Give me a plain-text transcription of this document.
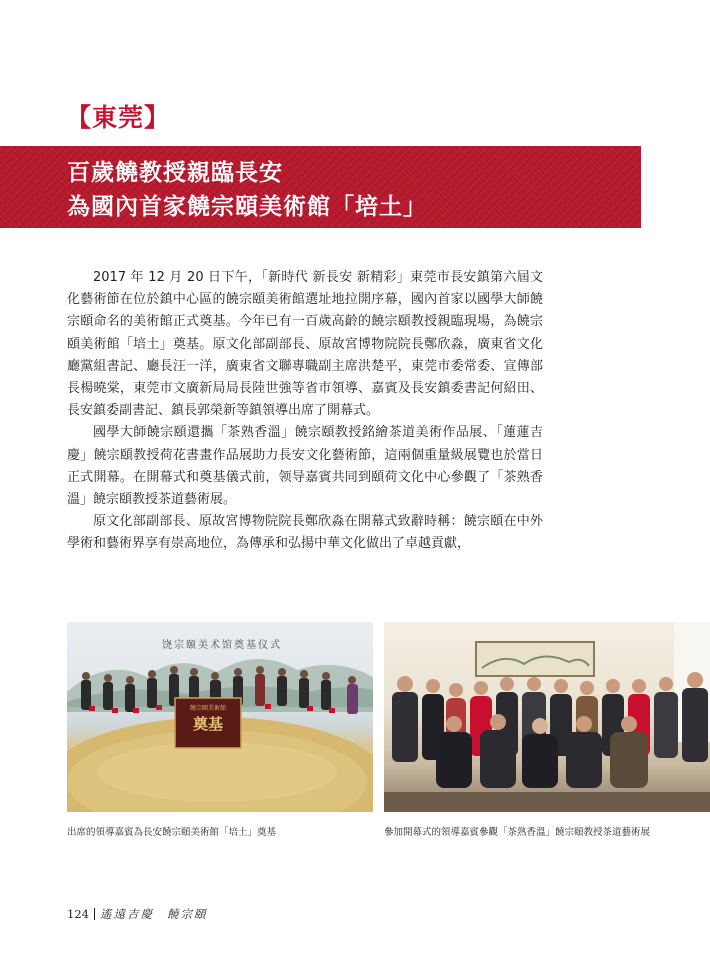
【東莞】
百歲饒教授親臨長安
為國內首家饒宗頤美術館「培土」

2017 年 12 月 20 日下午，「新時代 新長安 新精彩」東莞市長安鎮第六屆文化藝術節在位於鎮中心區的饒宗頤美術館選址地拉開序幕，國內首家以國學大師饒宗頤命名的美術館正式奠基。今年已有一百歲高齡的饒宗頤教授親臨現場，為饒宗頤美術館「培土」奠基。原文化部副部長、原故宮博物院院長鄭欣淼，廣東省文化廳黨組書記、廳長汪一洋，廣東省文聯專職副主席洪楚平，東莞市委常委、宣傳部長楊曉棠，東莞市文廣新局局長陸世強等省市領導、嘉賓及長安鎮委書記何紹田、長安鎮委副書記、鎮長郭榮新等鎮領導出席了開幕式。

國學大師饒宗頤還攜「茶熟香溫」饒宗頤教授銘繪茶道美術作品展、「蓮蓮吉慶」饒宗頤教授荷花書畫作品展助力長安文化藝術節，這兩個重量級展覽也於當日正式開幕。在開幕式和奠基儀式前，领导嘉賓共同到頤荷文化中心參觀了「茶熟香溫」饒宗頤教授茶道藝術展。

原文化部副部長、原故宮博物院院長鄭欣淼在開幕式致辭時稱：饒宗頤在中外學術和藝術界享有崇高地位，為傳承和弘揚中華文化做出了卓越貢獻，

饶宗颐美术馆奠基仪式
饒宗頤美術館
奠基
出席的領導嘉賓為長安饒宗頤美術館「培土」奠基	參加開幕式的領導嘉賓參觀「茶熟香溫」饒宗頤教授茶道藝術展
124 遙遠吉慶 饒宗頤
